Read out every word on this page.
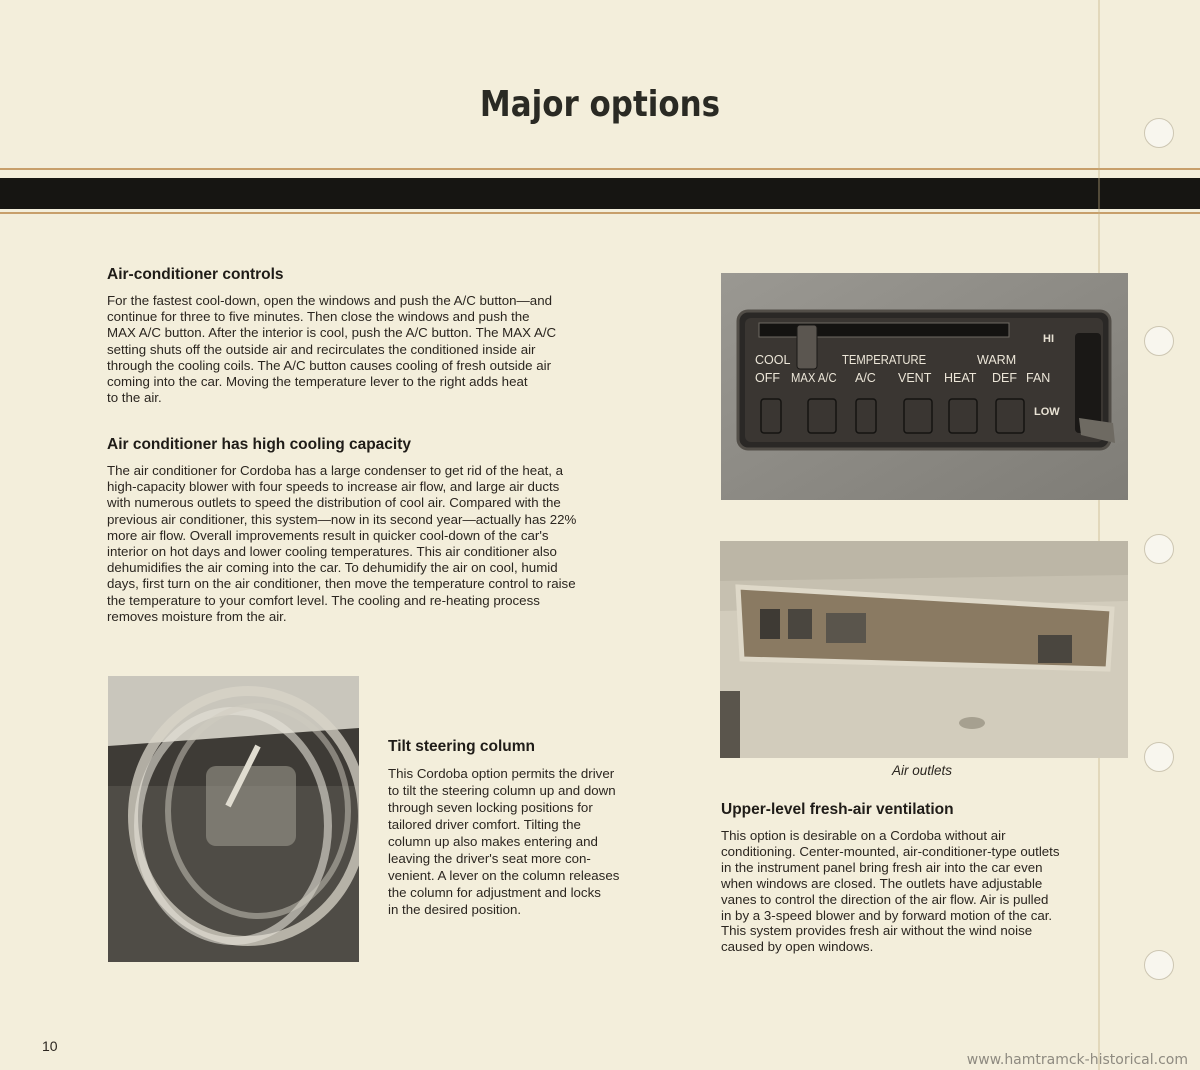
Major options
Air-conditioner controls
For the fastest cool-down, open the windows and push the A/C button—and
continue for three to five minutes. Then close the windows and push the
MAX A/C button. After the interior is cool, push the A/C button. The MAX A/C
setting shuts off the outside air and recirculates the conditioned inside air
through the cooling coils. The A/C button causes cooling of fresh outside air
coming into the car. Moving the temperature lever to the right adds heat
to the air.
Air conditioner has high cooling capacity
The air conditioner for Cordoba has a large condenser to get rid of the heat, a
high-capacity blower with four speeds to increase air flow, and large air ducts
with numerous outlets to speed the distribution of cool air. Compared with the
previous air conditioner, this system—now in its second year—actually has 22%
more air flow. Overall improvements result in quicker cool-down of the car's
interior on hot days and lower cooling temperatures. This air conditioner also
dehumidifies the air coming into the car. To dehumidify the air on cool, humid
days, first turn on the air conditioner, then move the temperature control to raise
the temperature to your comfort level. The cooling and re-heating process
removes moisture from the air.
HI
LOW
COOL	TEMPERATURE	WARM
OFF MAX A/C A/C VENT HEAT DEF FAN
Air outlets
Tilt steering column
This Cordoba option permits the driver
to tilt the steering column up and down
through seven locking positions for
tailored driver comfort. Tilting the
column up also makes entering and
leaving the driver's seat more con-
venient. A lever on the column releases
the column for adjustment and locks
in the desired position.
Upper-level fresh-air ventilation
This option is desirable on a Cordoba without air
conditioning. Center-mounted, air-conditioner-type outlets
in the instrument panel bring fresh air into the car even
when windows are closed. The outlets have adjustable
vanes to control the direction of the air flow. Air is pulled
in by a 3-speed blower and by forward motion of the car.
This system provides fresh air without the wind noise
caused by open windows.
10
www.hamtramck-historical.com
